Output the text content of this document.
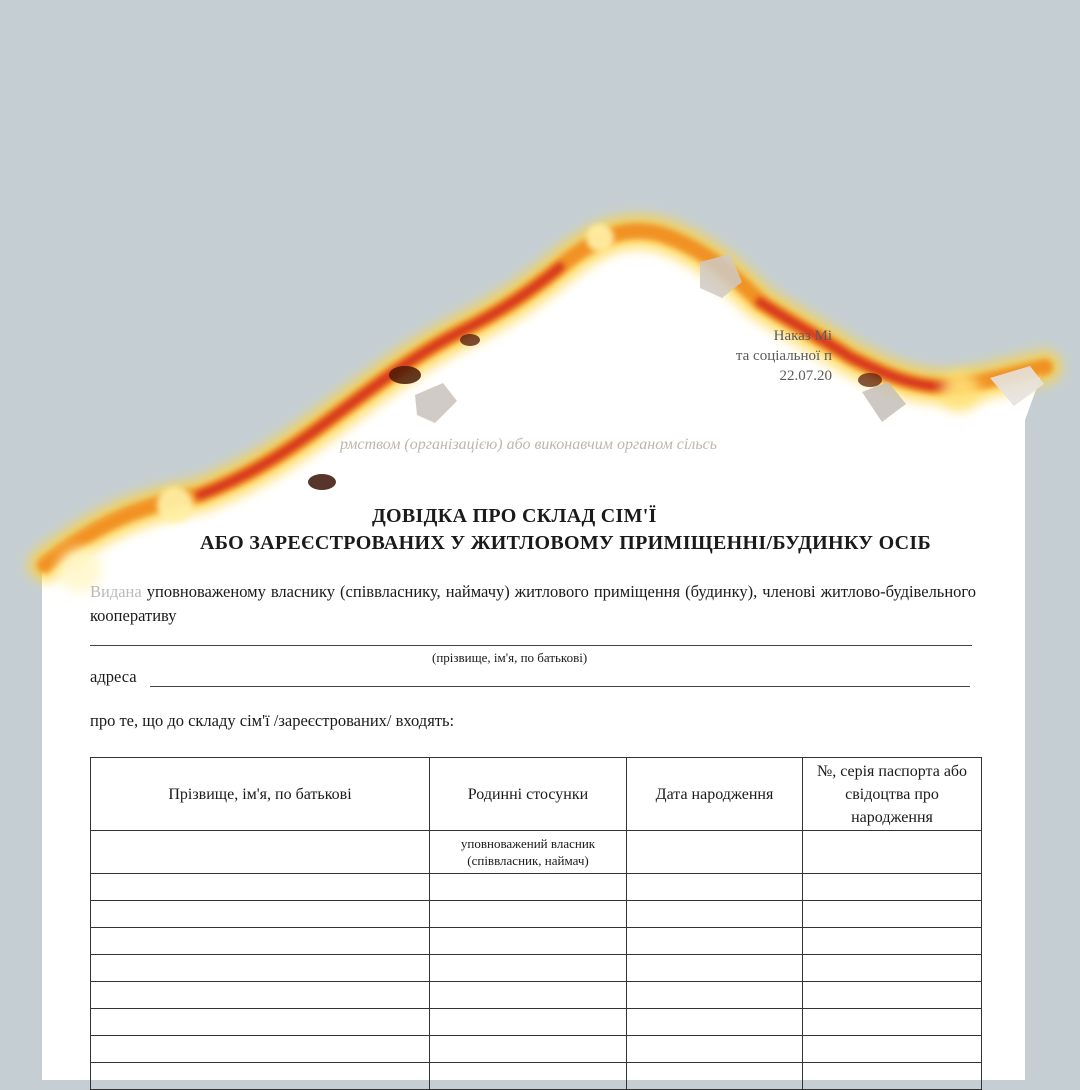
Наказ Мі
та соціальної п
22.07.20
рмством (організацією) або виконавчим органом сільсь
ДОВІДКА ПРО СКЛАД СІМ'Ї
АБО ЗАРЕЄСТРОВАНИХ У ЖИТЛОВОМУ ПРИМІЩЕННІ/БУДИНКУ ОСІБ
Видана уповноваженому власнику (співвласнику, наймачу) житлового приміщення (будинку), членові житлово-будівельного кооперативу
(прізвище, ім'я, по батькові)
адреса
про те, що до складу сім'ї /зареєстрованих/ входять:
Прізвище, ім'я, по батькові	Родинні стосунки	Дата народження	№, серія паспорта або свідоцтва про народження
	уповноважений власник (співвласник, наймач)		
